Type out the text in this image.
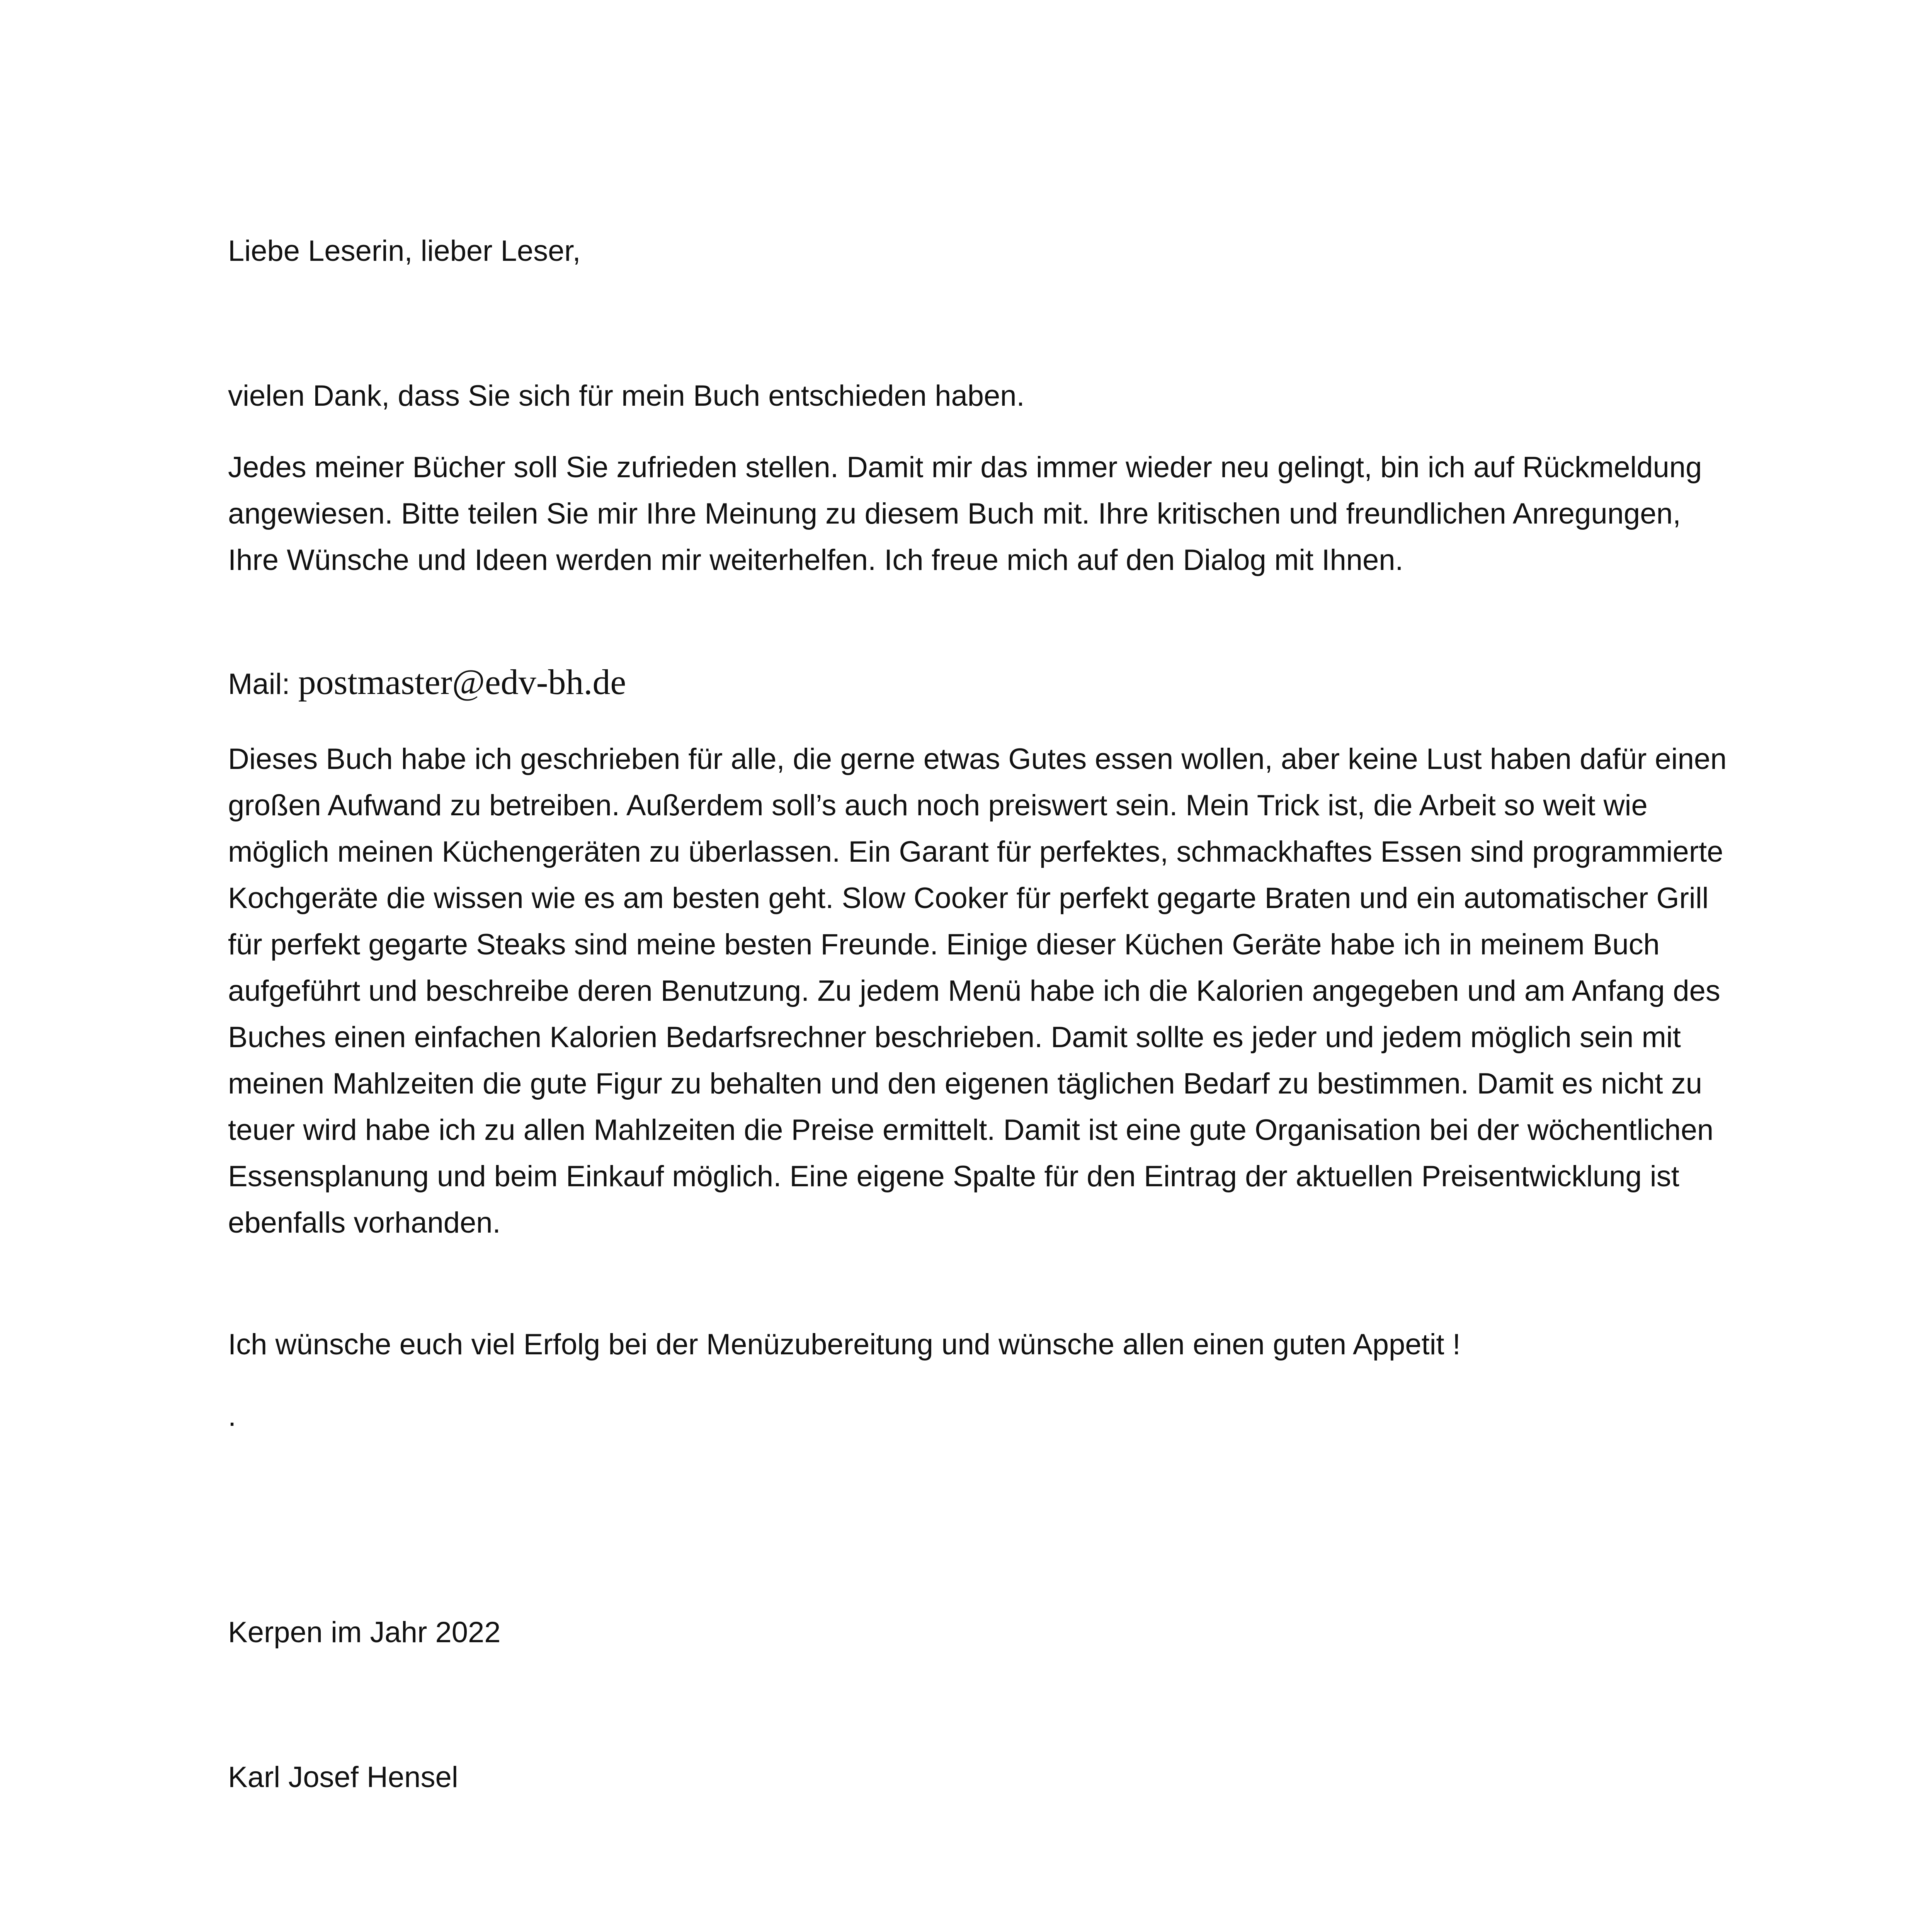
Liebe Leserin, lieber Leser,

vielen Dank, dass Sie sich für mein Buch entschieden haben.

Jedes meiner Bücher soll Sie zufrieden stellen. Damit mir das immer wieder neu gelingt, bin ich auf Rückmeldung angewiesen. Bitte teilen Sie mir Ihre Meinung zu diesem Buch mit. Ihre kritischen und freundlichen Anregungen, Ihre Wünsche und Ideen werden mir weiterhelfen. Ich freue mich auf den Dialog mit Ihnen.

Mail: postmaster@edv-bh.de

Dieses Buch habe ich geschrieben für alle, die gerne etwas Gutes essen wollen, aber keine Lust haben dafür einen großen Aufwand zu betreiben. Außerdem soll’s auch noch preiswert sein. Mein Trick ist, die Arbeit so weit wie möglich meinen Küchengeräten zu überlassen. Ein Garant für perfektes, schmackhaftes Essen sind programmierte Kochgeräte die wissen wie es am besten geht. Slow Cooker für perfekt gegarte Braten und ein automatischer Grill für perfekt gegarte Steaks sind meine besten Freunde. Einige dieser Küchen Geräte habe ich in meinem Buch aufgeführt und beschreibe deren Benutzung. Zu jedem Menü habe ich die Kalorien angegeben und am Anfang des Buches einen einfachen Kalorien Bedarfsrechner beschrieben. Damit sollte es jeder und jedem möglich sein mit meinen Mahlzeiten die gute Figur zu behalten und den eigenen täglichen Bedarf zu bestimmen. Damit es nicht zu teuer wird habe ich zu allen Mahlzeiten die Preise ermittelt. Damit ist eine gute Organisation bei der wöchentlichen Essensplanung und beim Einkauf möglich. Eine eigene Spalte für den Eintrag der aktuellen Preisentwicklung ist ebenfalls vorhanden.

Ich wünsche euch viel Erfolg bei der Menüzubereitung und wünsche allen einen guten Appetit !

.

Kerpen im Jahr 2022

Karl Josef Hensel
